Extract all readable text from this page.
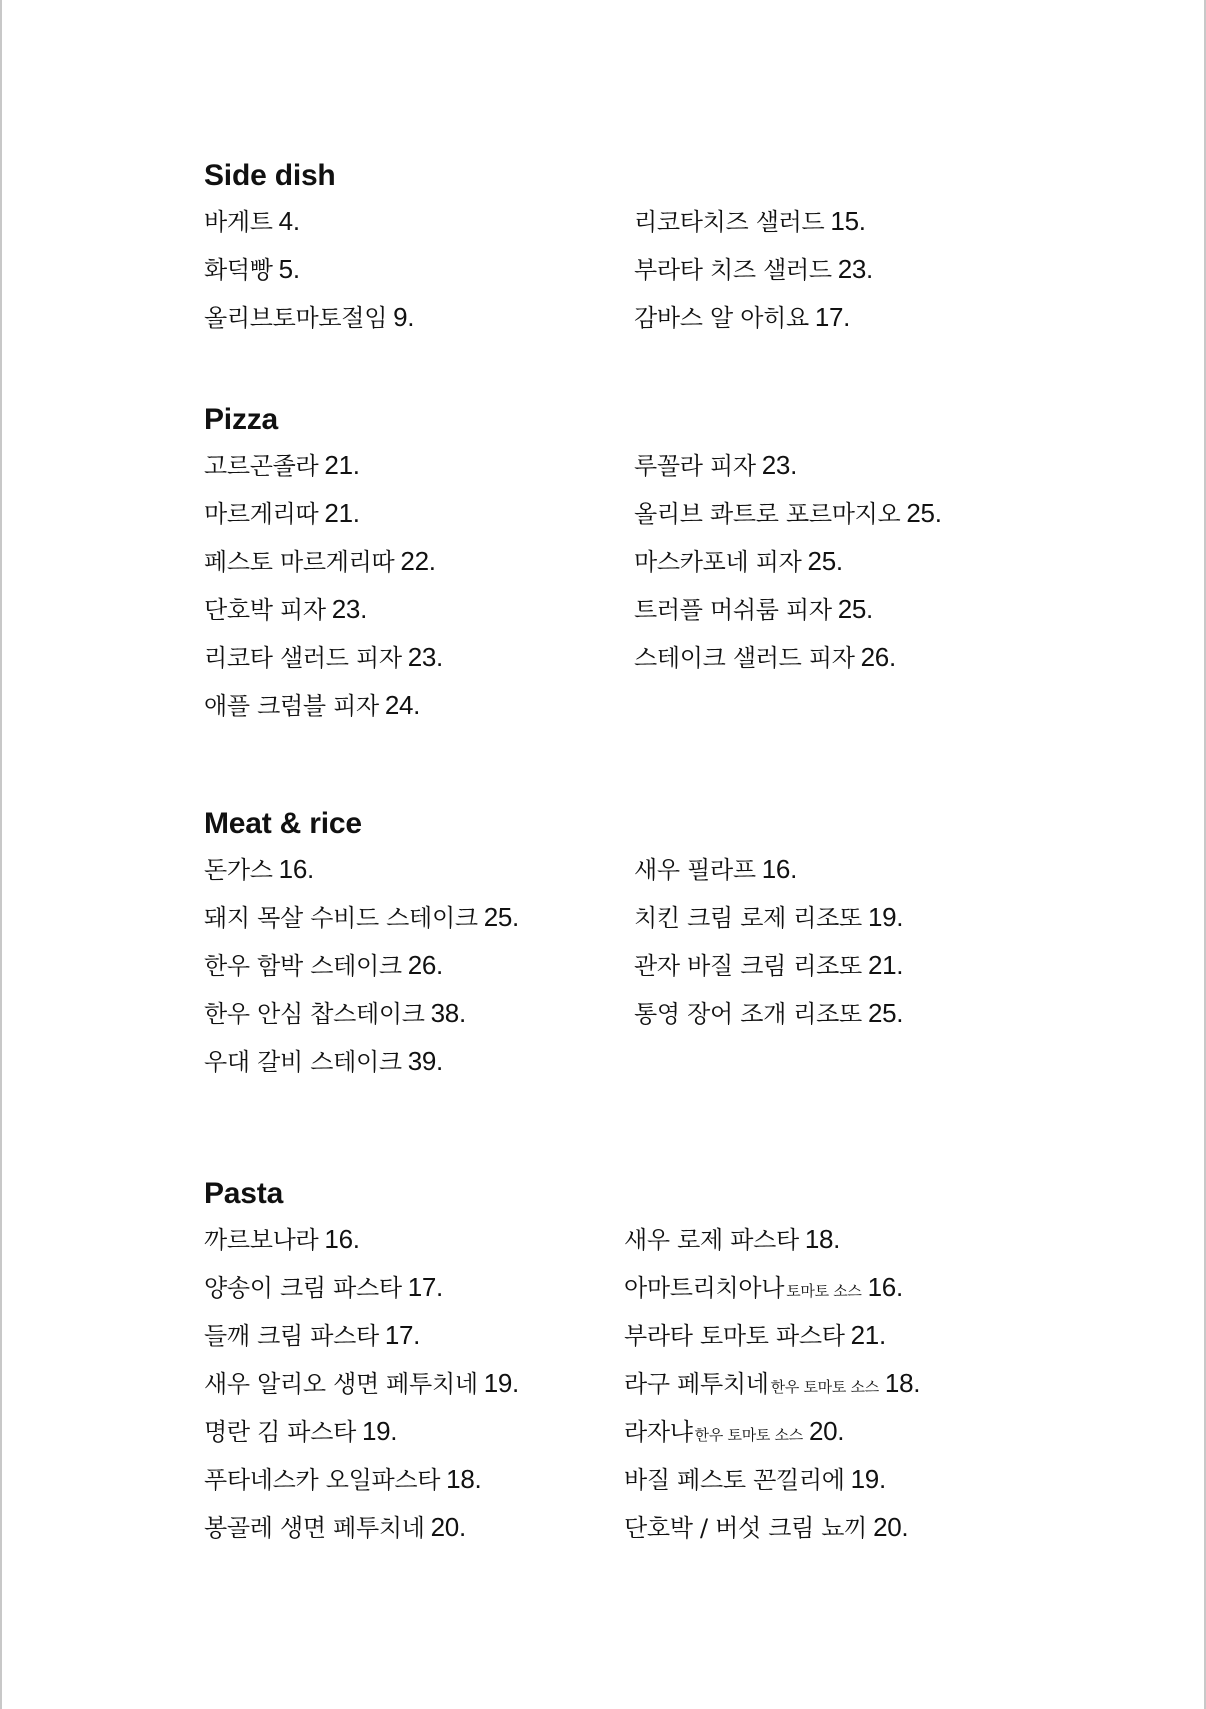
Side dish
바게트 4.
화덕빵 5.
올리브토마토절임 9.
리코타치즈 샐러드 15.
부라타 치즈 샐러드 23.
감바스 알 아히요 17.
Pizza
고르곤졸라 21.
마르게리따 21.
페스토 마르게리따 22.
단호박 피자 23.
리코타 샐러드 피자 23.
애플 크럼블 피자 24.
루꼴라 피자 23.
올리브 콰트로 포르마지오 25.
마스카포네 피자 25.
트러플 머쉬룸 피자 25.
스테이크 샐러드 피자 26.
Meat & rice
돈가스 16.
돼지 목살 수비드 스테이크 25.
한우 함박 스테이크 26.
한우 안심 찹스테이크 38.
우대 갈비 스테이크 39.
새우 필라프 16.
치킨 크림 로제 리조또 19.
관자 바질 크림 리조또 21.
통영 장어 조개 리조또 25.
Pasta
까르보나라 16.
양송이 크림 파스타 17.
들깨 크림 파스타 17.
새우 알리오 생면 페투치네 19.
명란 김 파스타 19.
푸타네스카 오일파스타 18.
봉골레 생면 페투치네 20.
새우 로제 파스타 18.
아마트리치아나 토마토 소스 16.
부라타 토마토 파스타 21.
라구 페투치네 한우 토마토 소스 18.
라자냐 한우 토마토 소스 20.
바질 페스토 꼰낄리에 19.
단호박 / 버섯 크림 뇨끼 20.
